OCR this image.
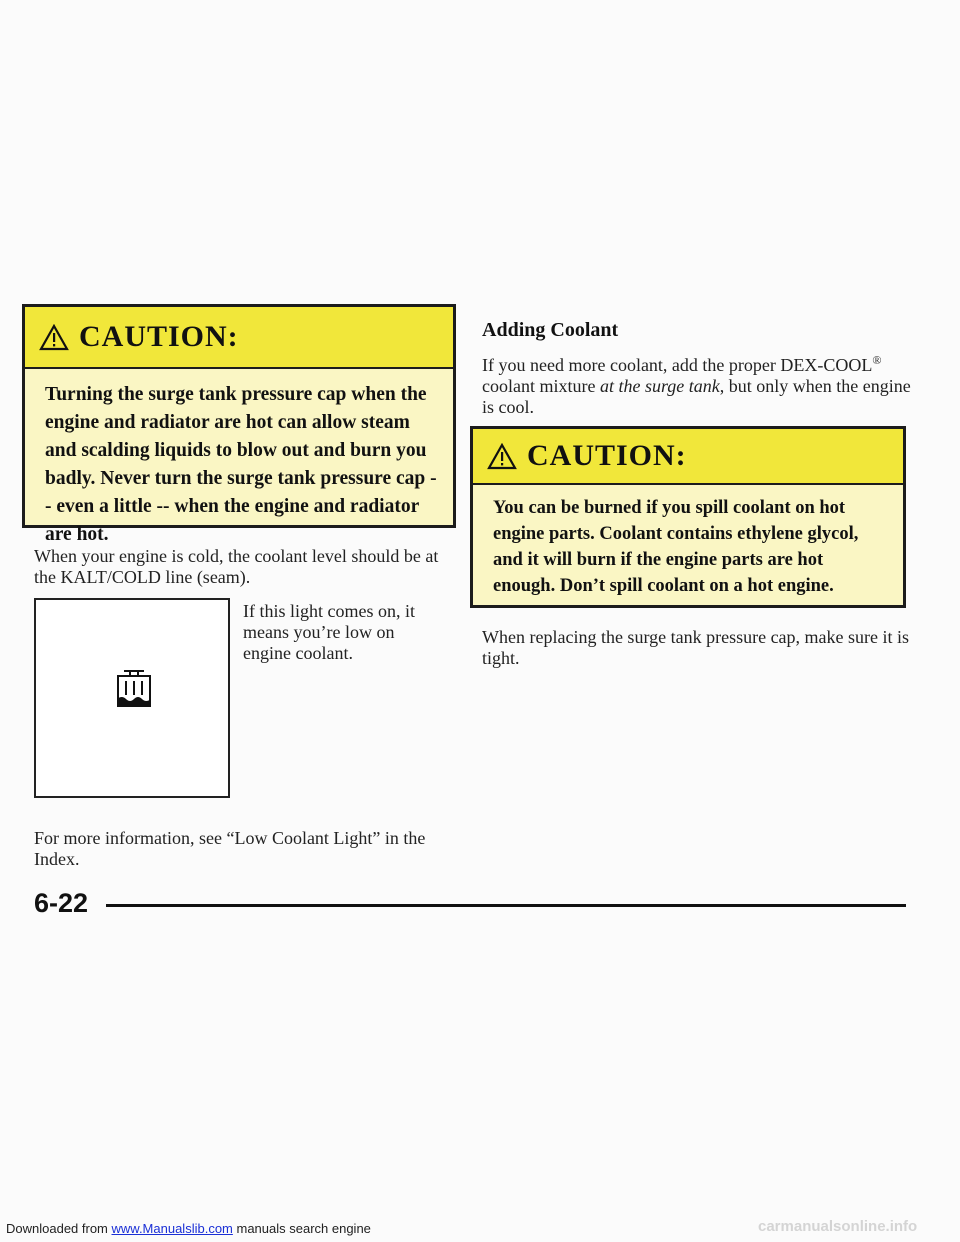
CAUTION:
Turning the surge tank pressure cap when the engine and radiator are hot can allow steam and scalding liquids to blow out and burn you badly. Never turn the surge tank pressure cap -- even a little -- when the engine and radiator are hot.
When your engine is cold, the coolant level should be at the KALT/COLD line (seam).
If this light comes on, it means you’re low on engine coolant.
For more information, see “Low Coolant Light” in the Index.
Adding Coolant
If you need more coolant, add the proper DEX-COOL® coolant mixture at the surge tank, but only when the engine is cool.
CAUTION:
You can be burned if you spill coolant on hot engine parts. Coolant contains ethylene glycol, and it will burn if the engine parts are hot enough. Don’t spill coolant on a hot engine.
When replacing the surge tank pressure cap, make sure it is tight.
6-22
Downloaded from www.Manualslib.com manuals search engine	carmanualsonline.info
